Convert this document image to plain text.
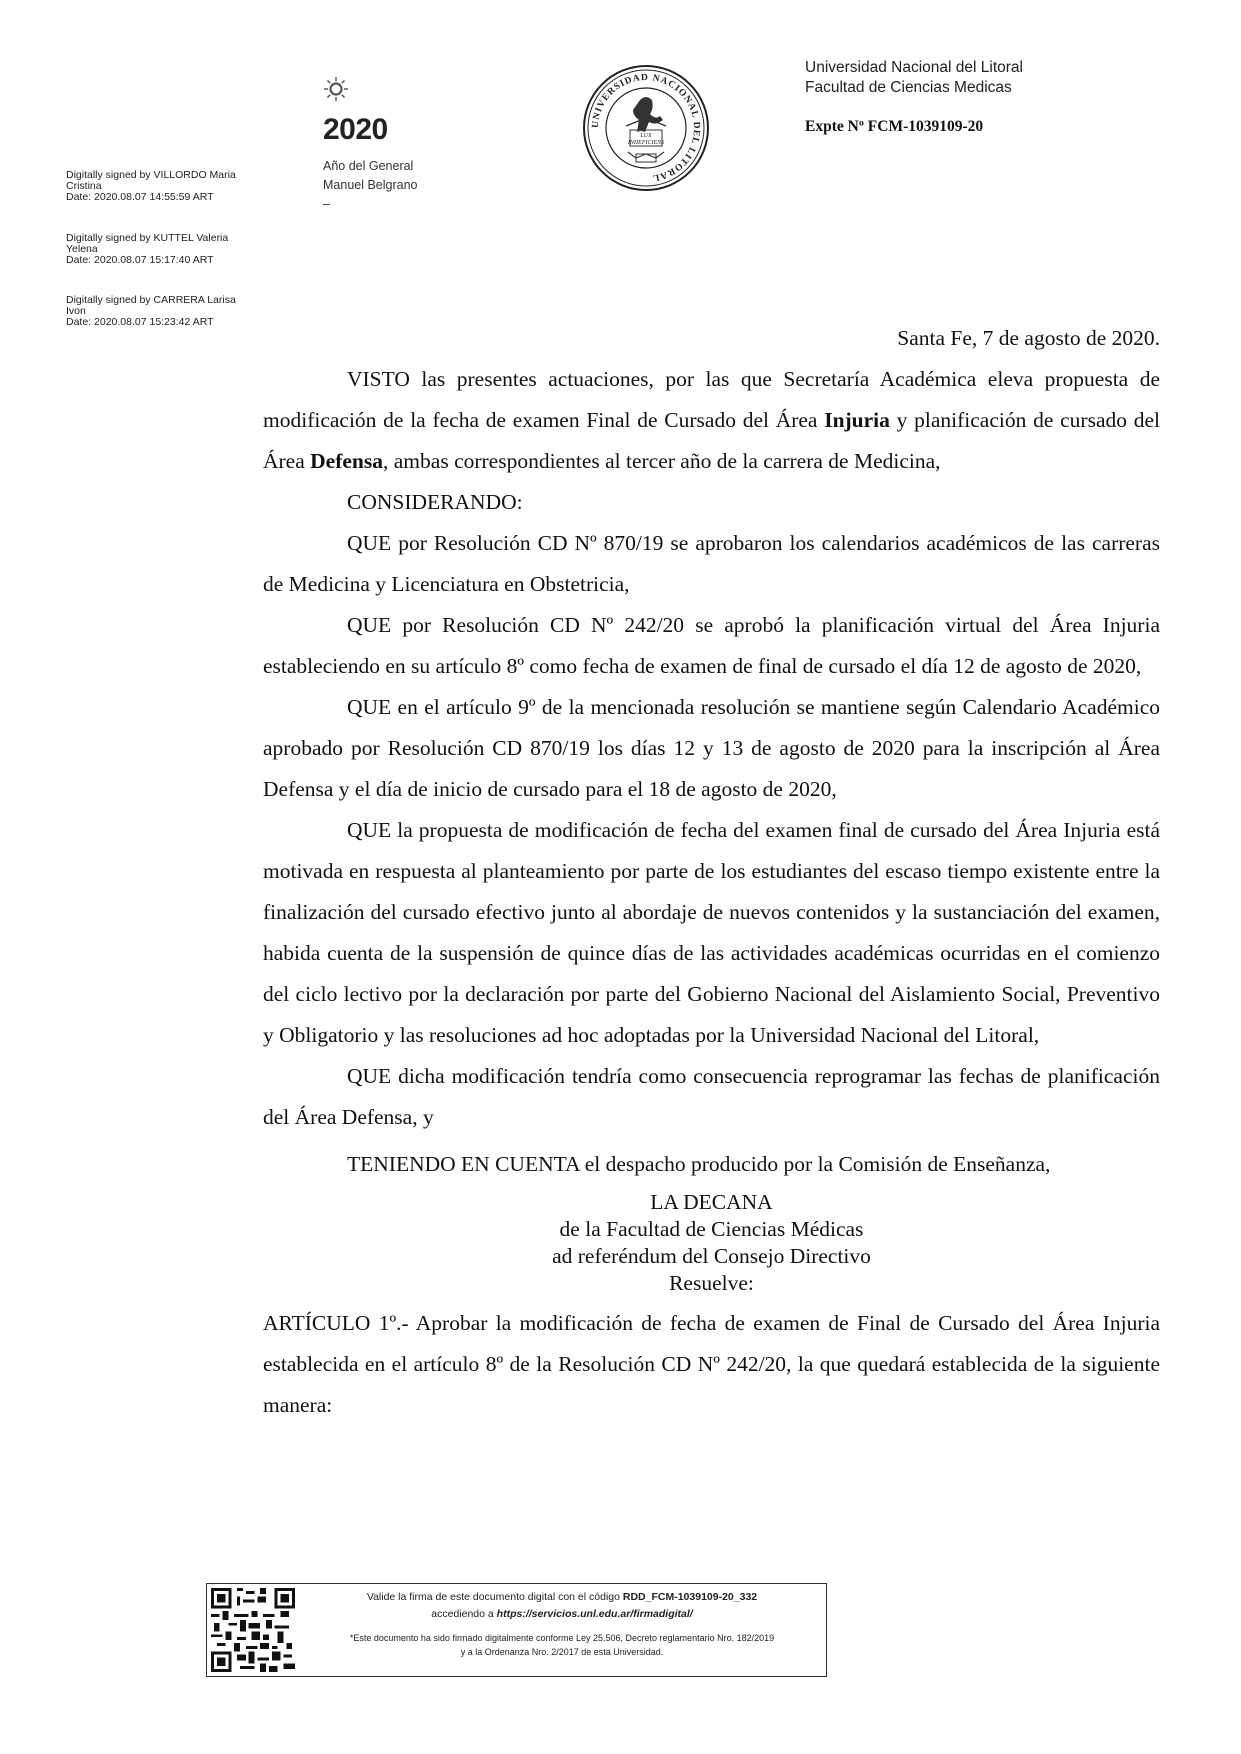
Digitally signed by VILLORDO Maria
Cristina
Date: 2020.08.07 14:55:59 ART
Digitally signed by KUTTEL Valeria
Yelena
Date: 2020.08.07 15:17:40 ART
Digitally signed by CARRERA Larisa
Ivon
Date: 2020.08.07 15:23:42 ART
2020
Año del General
Manuel Belgrano
–
UNIVERSIDAD NACIONAL DEL LITORAL
LUX
INDEFICIENS
Universidad Nacional del Litoral
Facultad de Ciencias Medicas
Expte Nº FCM-1039109-20

Santa Fe, 7 de agosto de 2020.

VISTO las presentes actuaciones, por las que Secretaría Académica eleva propuesta de modificación de la fecha de examen Final de Cursado del Área Injuria y planificación de cursado del Área Defensa, ambas correspondientes al tercer año de la carrera de Medicina,

CONSIDERANDO:

QUE por Resolución CD Nº 870/19 se aprobaron los calendarios académicos de las carreras de Medicina y Licenciatura en Obstetricia,

QUE por Resolución CD Nº 242/20 se aprobó la planificación virtual del Área Injuria estableciendo en su artículo 8º como fecha de examen de final de cursado el día 12 de agosto de 2020,

QUE en el artículo 9º de la mencionada resolución se mantiene según Calendario Académico aprobado por Resolución CD 870/19 los días 12 y 13 de agosto de 2020 para la inscripción al Área Defensa y el día de inicio de cursado para el 18 de agosto de 2020,

QUE la propuesta de modificación de fecha del examen final de cursado del Área Injuria está motivada en respuesta al planteamiento por parte de los estudiantes del escaso tiempo existente entre la finalización del cursado efectivo junto al abordaje de nuevos contenidos y la sustanciación del examen, habida cuenta de la suspensión de quince días de las actividades académicas ocurridas en el comienzo del ciclo lectivo por la declaración por parte del Gobierno Nacional del Aislamiento Social, Preventivo y Obligatorio y las resoluciones ad hoc adoptadas por la Universidad Nacional del Litoral,

QUE dicha modificación tendría como consecuencia reprogramar las fechas de planificación del Área Defensa, y

TENIENDO EN CUENTA el despacho producido por la Comisión de Enseñanza,

LA DECANA

de la Facultad de Ciencias Médicas

ad referéndum del Consejo Directivo

Resuelve:

ARTÍCULO 1º.- Aprobar la modificación de fecha de examen de Final de Cursado del Área Injuria establecida en el artículo 8º de la Resolución CD Nº 242/20, la que quedará establecida de la siguiente manera:

Valide la firma de este documento digital con el código RDD_FCM-1039109-20_332
accediendo a https://servicios.unl.edu.ar/firmadigital/
*Este documento ha sido firmado digitalmente conforme Ley 25.506, Decreto reglamentario Nro. 182/2019
y a la Ordenanza Nro. 2/2017 de esta Universidad.
